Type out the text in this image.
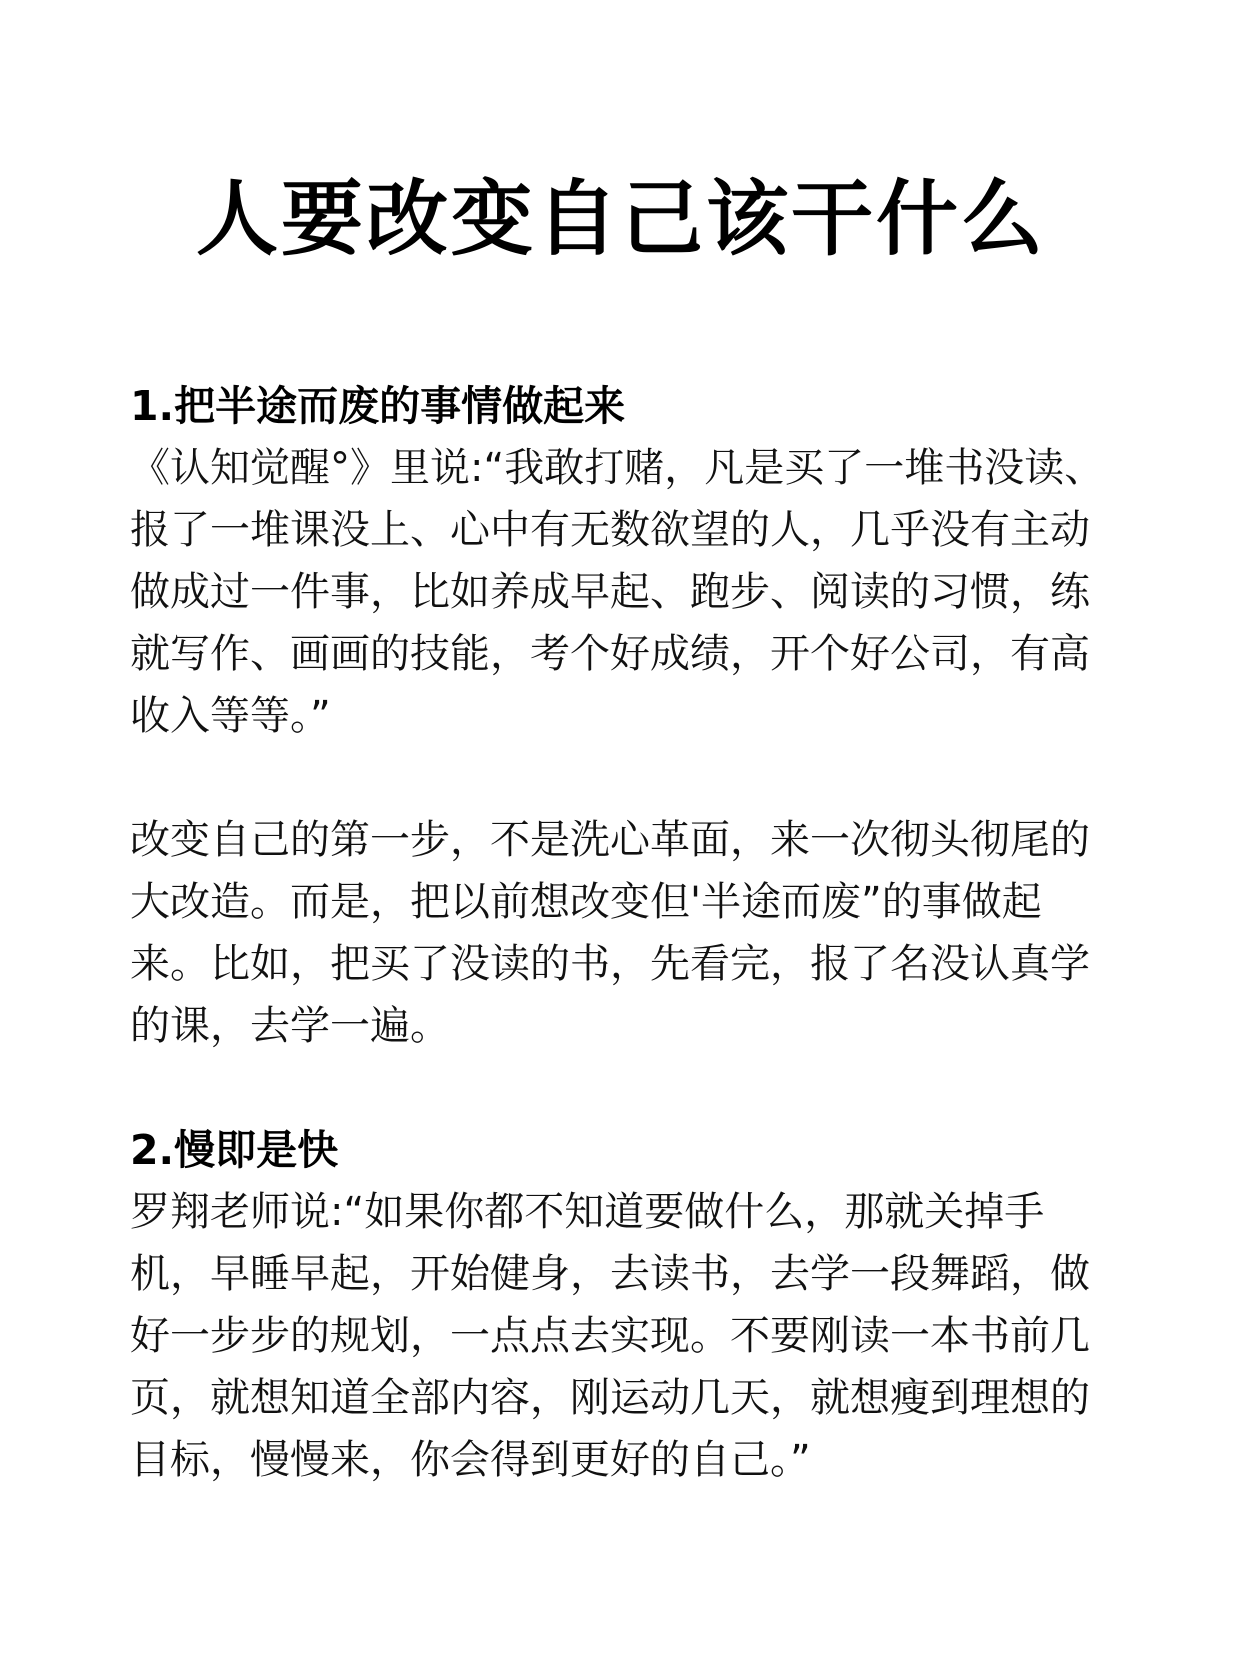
人要改变自己该干什么

1.把半途而废的事情做起来

《认知觉醒°》里说:“我敢打赌，凡是买了一堆书没读、报了一堆课没上、心中有无数欲望的人，几乎没有主动做成过一件事，比如养成早起、跑步、阅读的习惯，练就写作、画画的技能，考个好成绩，开个好公司，有高收入等等。”

改变自己的第一步，不是洗心革面，来一次彻头彻尾的大改造。而是，把以前想改变但'半途而废”的事做起来。比如，把买了没读的书，先看完，报了名没认真学的课，去学一遍。

2.慢即是快

罗翔老师说:“如果你都不知道要做什么，那就关掉手机，早睡早起，开始健身，去读书，去学一段舞蹈，做好一步步的规划，一点点去实现。不要刚读一本书前几页，就想知道全部内容，刚运动几天，就想瘦到理想的目标，慢慢来，你会得到更好的自己。”
